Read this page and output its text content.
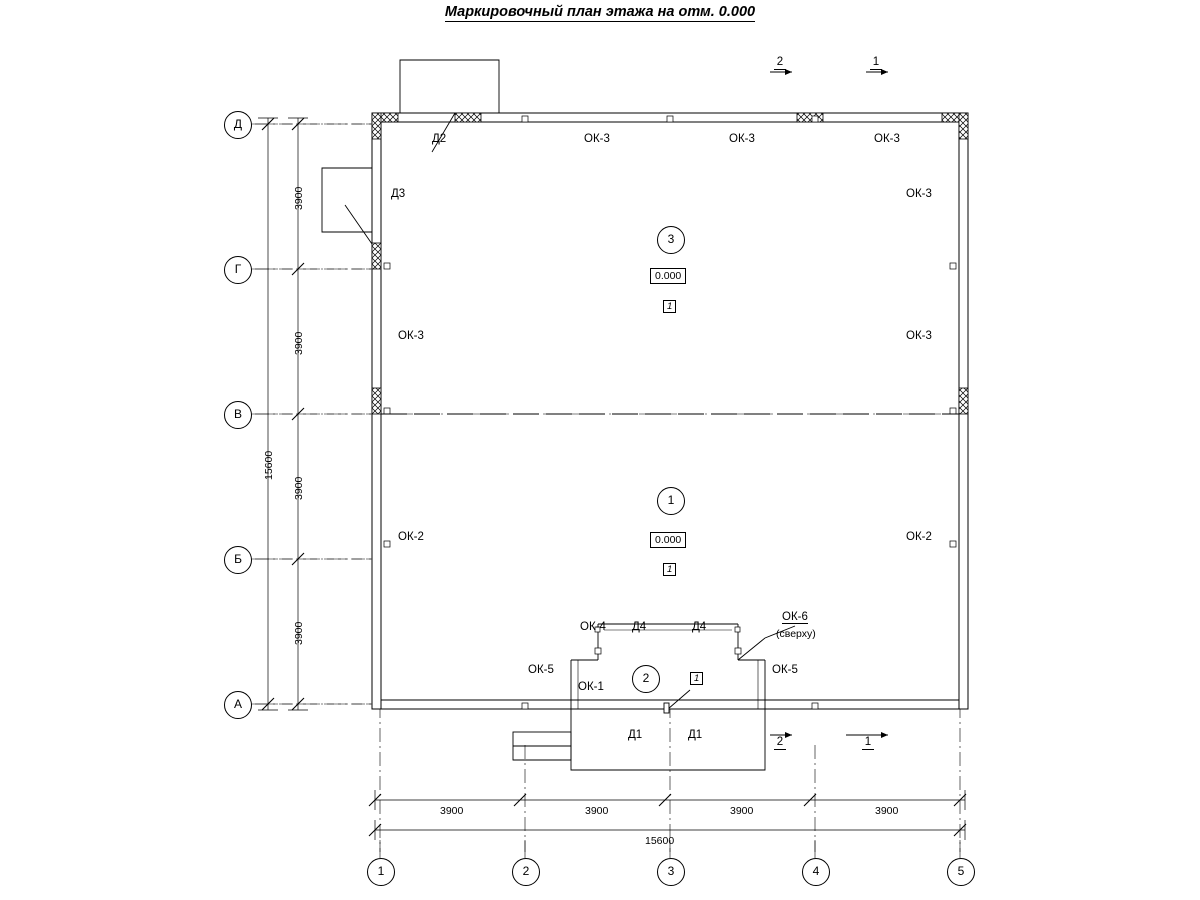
Маркировочный план этажа на отм. 0.000
Д
Г
В
Б
А
1	2	3	4	5
3900
3900
3900
3900
15600
3900	3900	3900	3900
15600
2	1
2	1
3
0.000
1
1
0.000
1
2	1
Д2
Д3
ОК-3	ОК-3	ОК-3
ОК-3
ОК-3
ОК-2
ОК-3
ОК-2
ОК-4 Д4	Д4
ОК-6
(сверху)
ОК-5	ОК-5
ОК-1
Д1	Д1
